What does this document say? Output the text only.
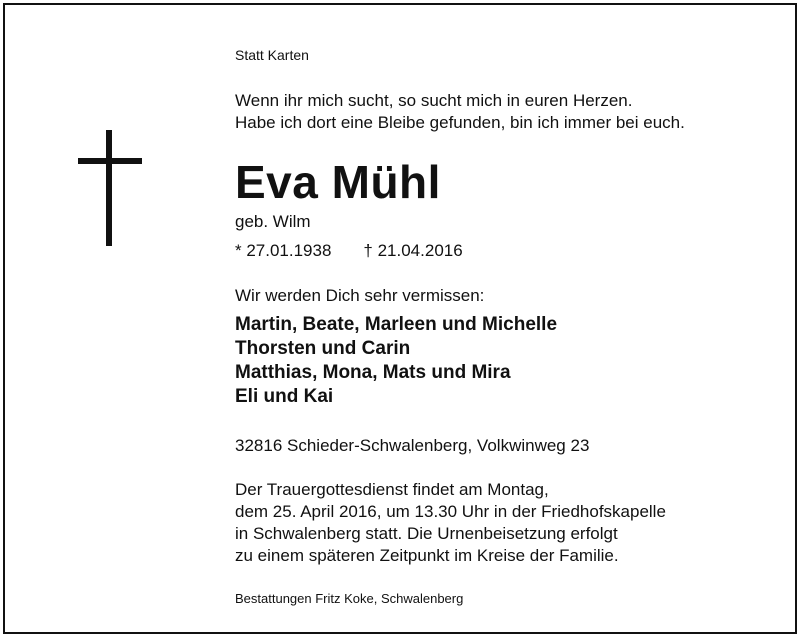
Statt Karten

Wenn ihr mich sucht, so sucht mich in euren Herzen.
Habe ich dort eine Bleibe gefunden, bin ich immer bei euch.

Eva Mühl

geb. Wilm

* 27.01.1938 † 21.04.2016

Wir werden Dich sehr vermissen:

Martin, Beate, Marleen und Michelle
Thorsten und Carin
Matthias, Mona, Mats und Mira
Eli und Kai

32816 Schieder-Schwalenberg, Volkwinweg 23

Der Trauergottesdienst findet am Montag,
dem 25. April 2016, um 13.30 Uhr in der Friedhofskapelle
in Schwalenberg statt. Die Urnenbeisetzung erfolgt
zu einem späteren Zeitpunkt im Kreise der Familie.

Bestattungen Fritz Koke, Schwalenberg
